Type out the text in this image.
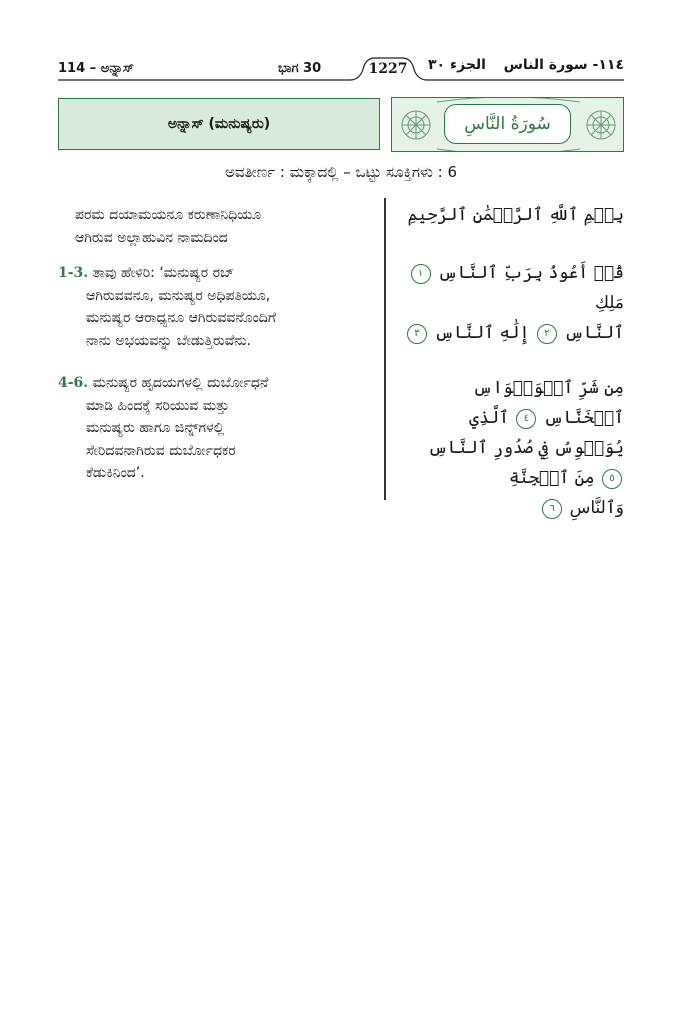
114 – ಅನ್ನಾಸ್	ಭಾಗ 30	1227 الجزء ٣٠ ١١٤- سورة الناس
ಅನ್ನಾಸ್ (ಮನುಷ್ಯರು)	سُورَةُ النَّاسِ
ಅವತೀರ್ಣ : ಮಕ್ಕಾದಲ್ಲಿ – ಒಟ್ಟು ಸೂಕ್ತಿಗಳು : 6
ಪರಮ ದಯಾಮಯನೂ ಕರುಣಾನಿಧಿಯೂ
ಆಗಿರುವ ಅಲ್ಲಾಹುವಿನ ನಾಮದಿಂದ
1-3. ತಾವು ಹೇಳಿರಿ: ‘ಮನುಷ್ಯರ ರಬ್
ಆಗಿರುವವನೂ, ಮನುಷ್ಯರ ಅಧಿಪತಿಯೂ,
ಮನುಷ್ಯರ ಆರಾಧ್ಯನೂ ಆಗಿರುವವನೊಂದಿಗೆ
ನಾನು ಅಭಯವನ್ನು ಬೇಡುತ್ತಿರುವೆನು.
4-6. ಮನುಷ್ಯರ ಹೃದಯಗಳಲ್ಲಿ ದುರ್ಬೋಧನೆ
ಮಾಡಿ ಹಿಂದಕ್ಕೆ ಸರಿಯುವ ಮತ್ತು
ಮನುಷ್ಯರು ಹಾಗೂ ಜಿನ್ನ್‌ಗಳಲ್ಲಿ
ಸೇರಿದವನಾಗಿರುವ ದುರ್ಬೋಧಕರ
ಕೆಡುಕಿನಿಂದ’.
بِسۡمِ ٱللَّهِ ٱلرَّحۡمَٰنِ ٱلرَّحِيمِ
قُلۡ أَعُوذُ بِرَبِّ ٱلنَّاسِ ١ مَلِكِ
ٱلنَّاسِ ٢ إِلَٰهِ ٱلنَّاسِ ٣
مِن شَرِّ ٱلۡوَسۡوَاسِ ٱلۡخَنَّاسِ ٤ ٱلَّذِي
يُوَسۡوِسُ فِي صُدُورِ ٱلنَّاسِ ٥ مِنَ ٱلۡجِنَّةِ
وَٱلنَّاسِ ٦
